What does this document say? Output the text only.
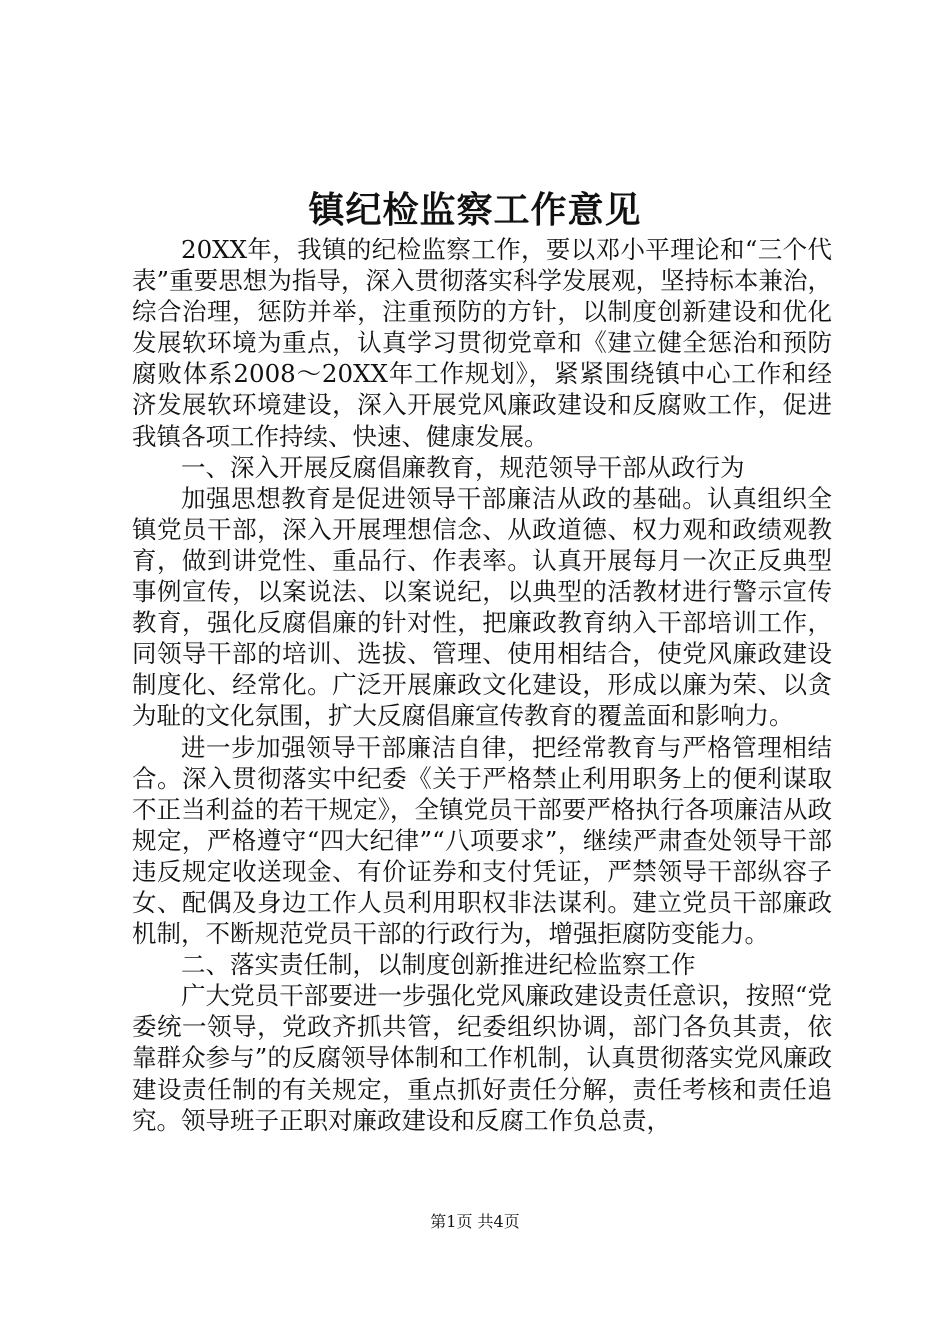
镇纪检监察工作意见

20XX年，我镇的纪检监察工作，要以邓小平理论和“三个代表”重要思想为指导，深入贯彻落实科学发展观，坚持标本兼治，综合治理，惩防并举，注重预防的方针，以制度创新建设和优化发展软环境为重点，认真学习贯彻党章和《建立健全惩治和预防腐败体系2008～20XX年工作规划》，紧紧围绕镇中心工作和经济发展软环境建设，深入开展党风廉政建设和反腐败工作，促进我镇各项工作持续、快速、健康发展。

一、深入开展反腐倡廉教育，规范领导干部从政行为

加强思想教育是促进领导干部廉洁从政的基础。认真组织全镇党员干部，深入开展理想信念、从政道德、权力观和政绩观教育，做到讲党性、重品行、作表率。认真开展每月一次正反典型事例宣传，以案说法、以案说纪，以典型的活教材进行警示宣传教育，强化反腐倡廉的针对性，把廉政教育纳入干部培训工作，同领导干部的培训、选拔、管理、使用相结合，使党风廉政建设制度化、经常化。广泛开展廉政文化建设，形成以廉为荣、以贪为耻的文化氛围，扩大反腐倡廉宣传教育的覆盖面和影响力。

进一步加强领导干部廉洁自律，把经常教育与严格管理相结合。深入贯彻落实中纪委《关于严格禁止利用职务上的便利谋取不正当利益的若干规定》，全镇党员干部要严格执行各项廉洁从政规定，严格遵守“四大纪律”“八项要求”，继续严肃查处领导干部违反规定收送现金、有价证券和支付凭证，严禁领导干部纵容子女、配偶及身边工作人员利用职权非法谋利。建立党员干部廉政机制，不断规范党员干部的行政行为，增强拒腐防变能力。

二、落实责任制，以制度创新推进纪检监察工作

广大党员干部要进一步强化党风廉政建设责任意识，按照“党委统一领导，党政齐抓共管，纪委组织协调，部门各负其责，依靠群众参与”的反腐领导体制和工作机制，认真贯彻落实党风廉政建设责任制的有关规定，重点抓好责任分解，责任考核和责任追究。领导班子正职对廉政建设和反腐工作负总责，

第1页 共4页
